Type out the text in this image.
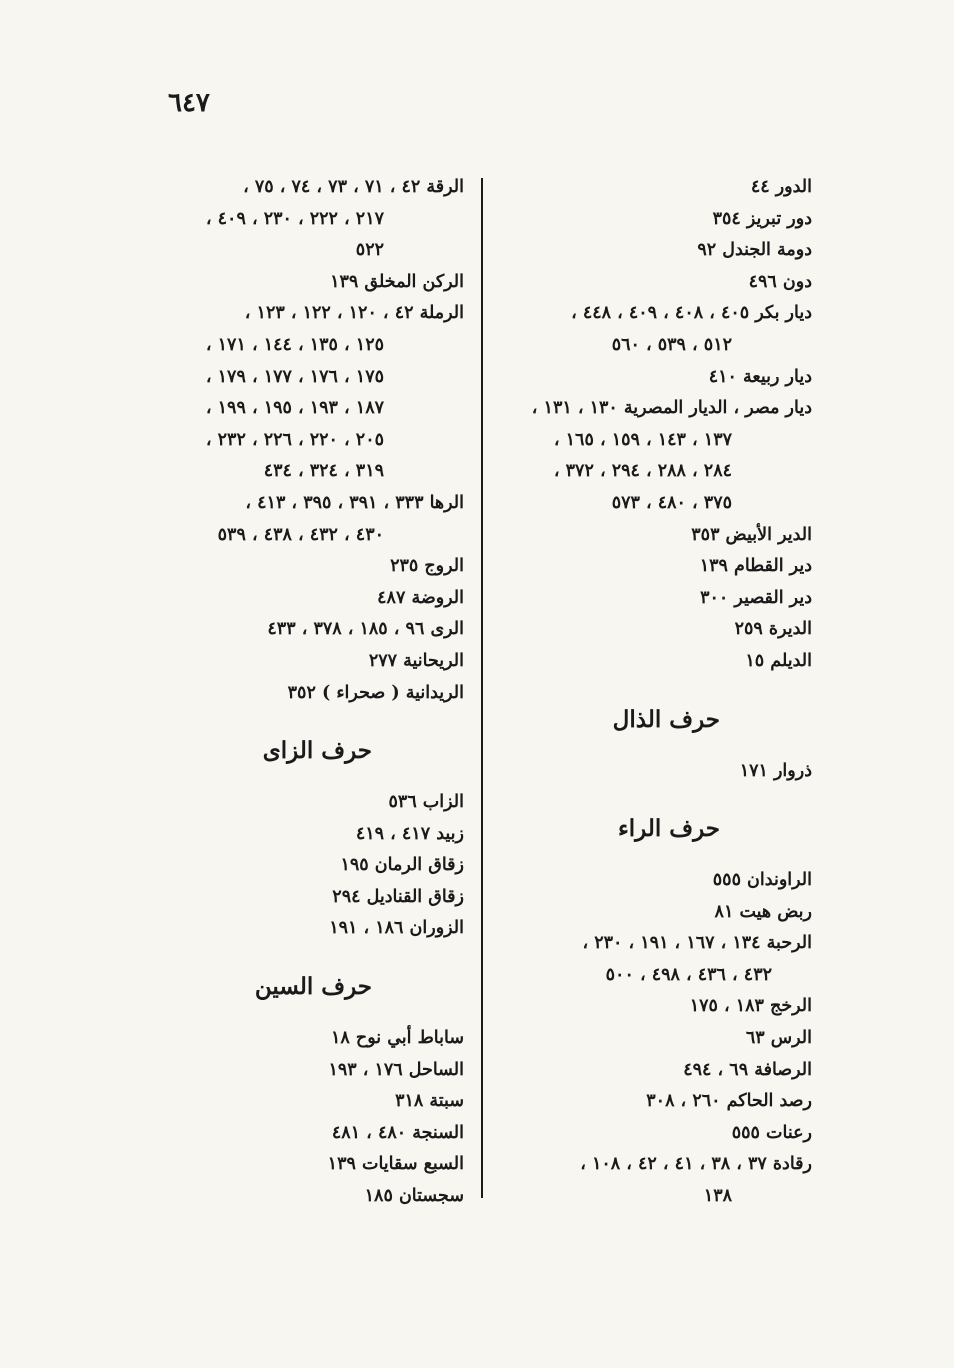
٦٤٧
الدور ٤٤
دور تبريز ٣٥٤
دومة الجندل ٩٢
دون ٤٩٦
ديار بكر ٤٠٥ ، ٤٠٨ ، ٤٠٩ ، ٤٤٨ ،
٥١٢ ، ٥٣٩ ، ٥٦٠
ديار ربيعة ٤١٠
ديار مصر ، الديار المصرية ١٣٠ ، ١٣١ ،
١٣٧ ، ١٤٣ ، ١٥٩ ، ١٦٥ ،
٢٨٤ ، ٢٨٨ ، ٢٩٤ ، ٣٧٢ ،
٣٧٥ ، ٤٨٠ ، ٥٧٣
الدير الأبيض ٣٥٣
دير القطام ١٣٩
دير القصير ٣٠٠
الديرة ٢٥٩
الديلم ١٥
حرف الذال
ذروار ١٧١
حرف الراء
الراوندان ٥٥٥
ربض هيت ٨١
الرحبة ١٣٤ ، ١٦٧ ، ١٩١ ، ٢٣٠ ،
٤٣٢ ، ٤٣٦ ، ٤٩٨ ، ٥٠٠
الرخج ١٨٣ ، ١٧٥
الرس ٦٣
الرصافة ٦٩ ، ٤٩٤
رصد الحاكم ٢٦٠ ، ٣٠٨
رعنات ٥٥٥
رقادة ٣٧ ، ٣٨ ، ٤١ ، ٤٢ ، ١٠٨ ،
١٣٨
الرقة ٤٢ ، ٧١ ، ٧٣ ، ٧٤ ، ٧٥ ،
٢١٧ ، ٢٢٢ ، ٢٣٠ ، ٤٠٩ ،
٥٢٢
الركن المخلق ١٣٩
الرملة ٤٢ ، ١٢٠ ، ١٢٢ ، ١٢٣ ،
١٢٥ ، ١٣٥ ، ١٤٤ ، ١٧١ ،
١٧٥ ، ١٧٦ ، ١٧٧ ، ١٧٩ ،
١٨٧ ، ١٩٣ ، ١٩٥ ، ١٩٩ ،
٢٠٥ ، ٢٢٠ ، ٢٢٦ ، ٢٣٢ ،
٣١٩ ، ٣٢٤ ، ٤٣٤
الرها ٣٣٣ ، ٣٩١ ، ٣٩٥ ، ٤١٣ ،
٤٣٠ ، ٤٣٢ ، ٤٣٨ ، ٥٣٩
الروج ٢٣٥
الروضة ٤٨٧
الرى ٩٦ ، ١٨٥ ، ٣٧٨ ، ٤٣٣
الريحانية ٢٧٧
الريدانية ( صحراء ) ٣٥٢
حرف الزاى
الزاب ٥٣٦
زبيد ٤١٧ ، ٤١٩
زقاق الرمان ١٩٥
زقاق القناديل ٢٩٤
الزوران ١٨٦ ، ١٩١
حرف السين
ساباط أبي نوح ١٨
الساحل ١٧٦ ، ١٩٣
سبتة ٣١٨
السنجة ٤٨٠ ، ٤٨١
السبع سقايات ١٣٩
سجستان ١٨٥
